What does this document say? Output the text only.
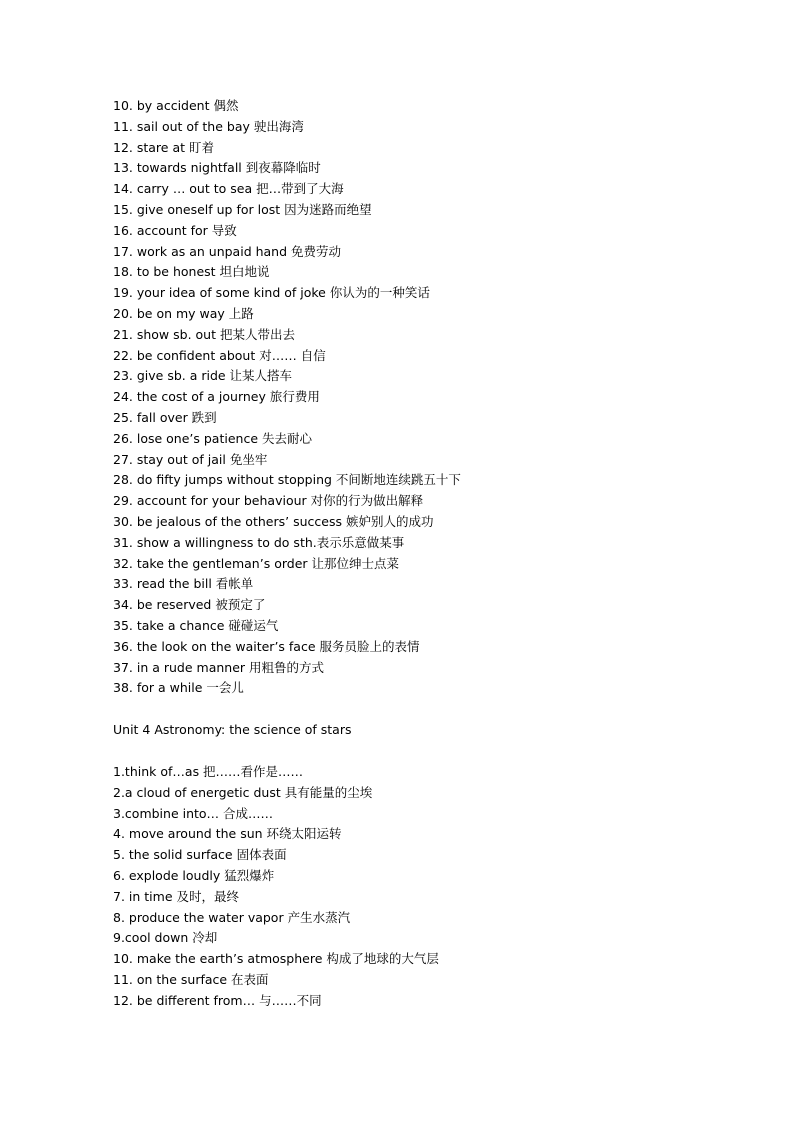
10. by accident 偶然
11. sail out of the bay 驶出海湾
12. stare at 盯着
13. towards nightfall 到夜幕降临时
14. carry … out to sea 把…带到了大海
15. give oneself up for lost 因为迷路而绝望
16. account for 导致
17. work as an unpaid hand 免费劳动
18. to be honest 坦白地说
19. your idea of some kind of joke 你认为的一种笑话
20. be on my way 上路
21. show sb. out 把某人带出去
22. be confident about 对…… 自信
23. give sb. a ride 让某人搭车
24. the cost of a journey 旅行费用
25. fall over 跌到
26. lose one’s patience 失去耐心
27. stay out of jail 免坐牢
28. do fifty jumps without stopping 不间断地连续跳五十下
29. account for your behaviour 对你的行为做出解释
30. be jealous of the others’ success 嫉妒别人的成功
31. show a willingness to do sth.表示乐意做某事
32. take the gentleman’s order 让那位绅士点菜
33. read the bill 看帐单
34. be reserved 被预定了
35. take a chance 碰碰运气
36. the look on the waiter’s face 服务员脸上的表情
37. in a rude manner 用粗鲁的方式
38. for a while 一会儿
Unit 4 Astronomy: the science of stars
1.think of…as 把……看作是……
2.a cloud of energetic dust 具有能量的尘埃
3.combine into… 合成……
4. move around the sun 环绕太阳运转
5. the solid surface 固体表面
6. explode loudly 猛烈爆炸
7. in time 及时，最终
8. produce the water vapor 产生水蒸汽
9.cool down 冷却
10. make the earth’s atmosphere 构成了地球的大气层
11. on the surface 在表面
12. be different from… 与……不同
